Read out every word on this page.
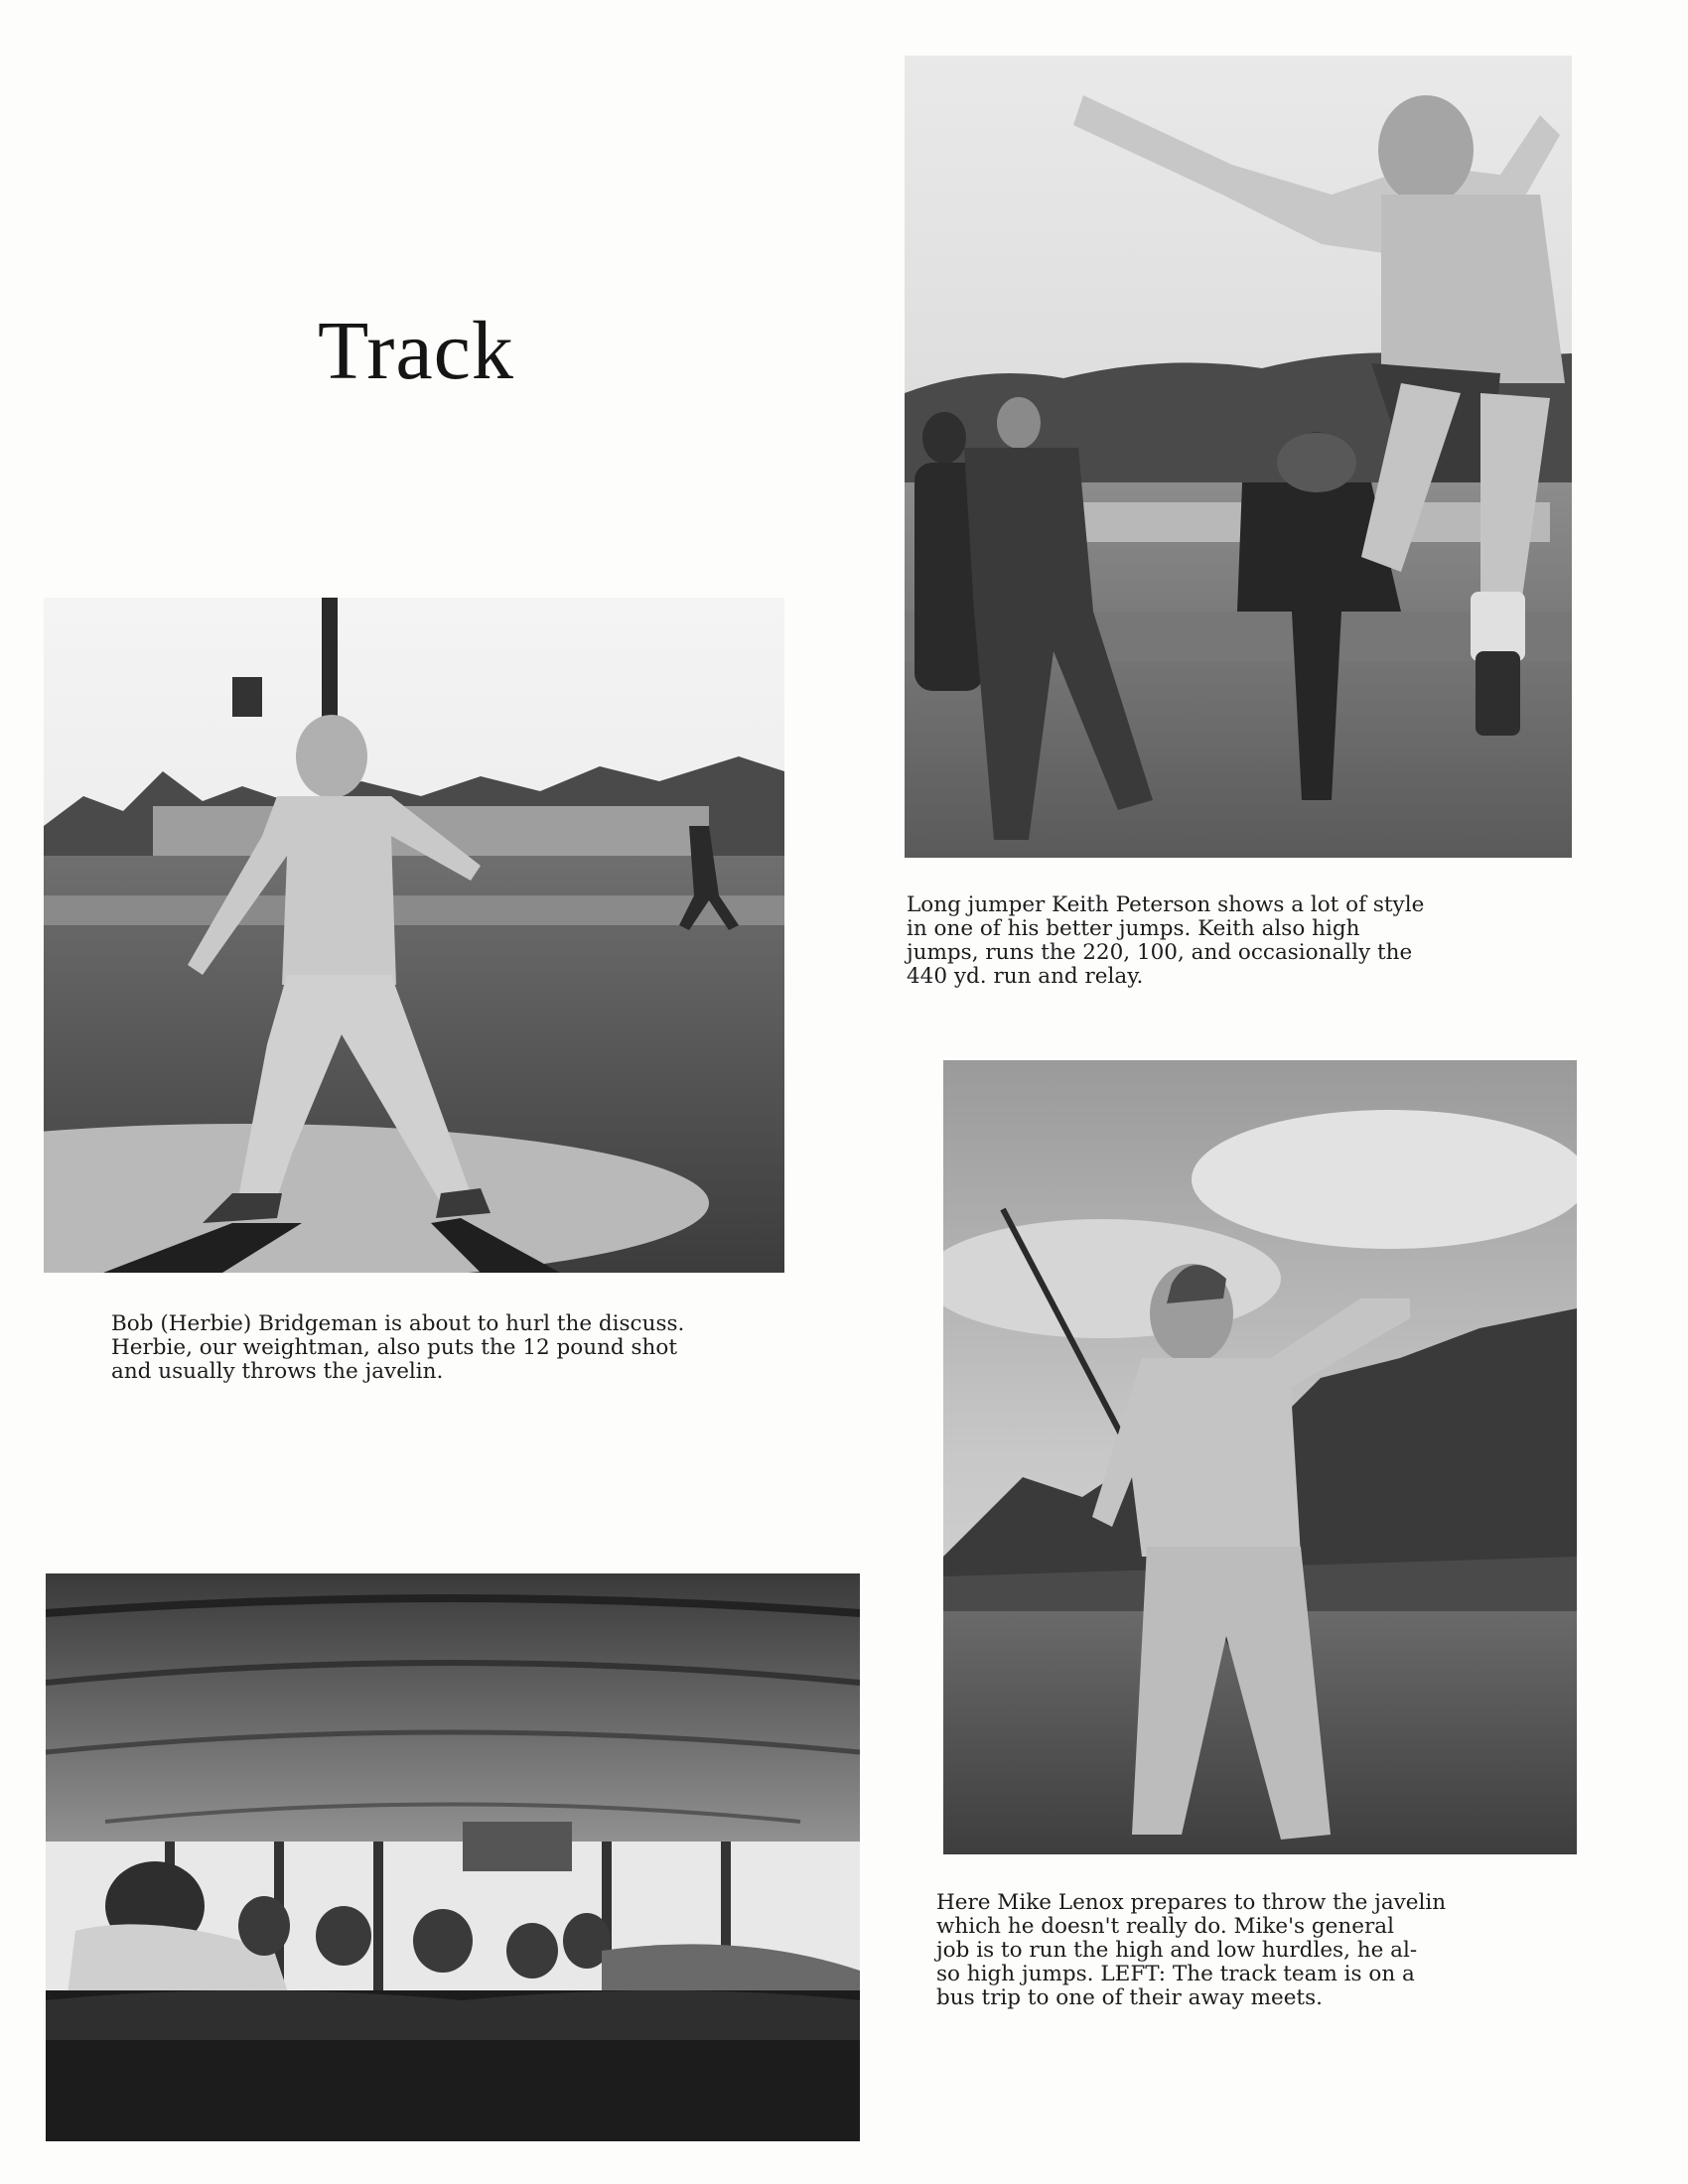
Track
Long jumper Keith Peterson shows a lot of style
in one of his better jumps. Keith also high
jumps, runs the 220, 100, and occasionally the
440 yd. run and relay.
Bob (Herbie) Bridgeman is about to hurl the discuss.
Herbie, our weightman, also puts the 12 pound shot
and usually throws the javelin.
Here Mike Lenox prepares to throw the javelin
which he doesn't really do. Mike's general
job is to run the high and low hurdles, he al-
so high jumps. LEFT: The track team is on a
bus trip to one of their away meets.
